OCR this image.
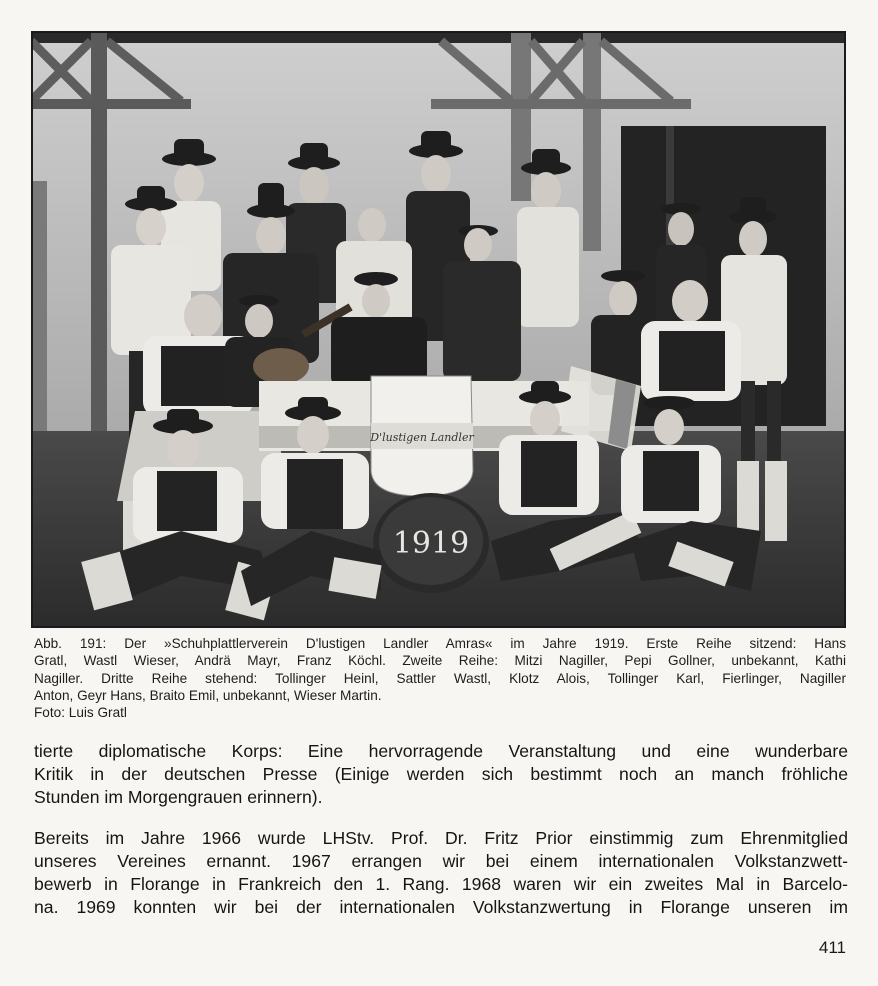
D'lustigen Landler
1919

Abb. 191: Der »Schuhplattlerverein D'lustigen Landler Amras« im Jahre 1919. Erste Reihe sitzend: Hans

Gratl, Wastl Wieser, Andrä Mayr, Franz Köchl. Zweite Reihe: Mitzi Nagiller, Pepi Gollner, unbekannt, Kathi

Nagiller. Dritte Reihe stehend: Tollinger Heinl, Sattler Wastl, Klotz Alois, Tollinger Karl, Fierlinger, Nagiller

Anton, Geyr Hans, Braito Emil, unbekannt, Wieser Martin.

Foto: Luis Gratl

tierte diplomatische Korps: Eine hervorragende Veranstaltung und eine wunderbare

Kritik in der deutschen Presse (Einige werden sich bestimmt noch an manch fröhliche

Stunden im Morgengrauen erinnern).

Bereits im Jahre 1966 wurde LHStv. Prof. Dr. Fritz Prior einstimmig zum Ehrenmitglied

unseres Vereines ernannt. 1967 errangen wir bei einem internationalen Volkstanzwett-

bewerb in Florange in Frankreich den 1. Rang. 1968 waren wir ein zweites Mal in Barcelo-

na. 1969 konnten wir bei der internationalen Volkstanzwertung in Florange unseren im

411
